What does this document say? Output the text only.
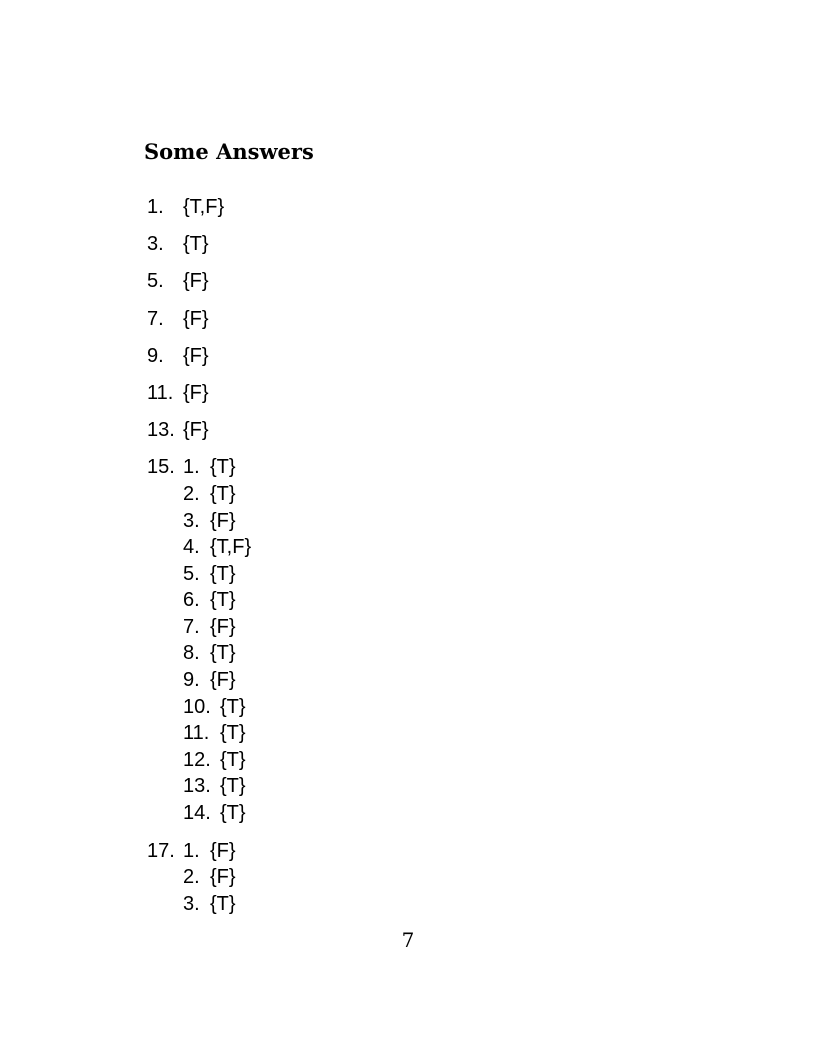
Some Answers
1. {T,F}
3. {T}
5. {F}
7. {F}
9. {F}
11. {F}
13. {F}
15. 1. {T}
2. {T}
3. {F}
4. {T,F}
5. {T}
6. {T}
7. {F}
8. {T}
9. {F}
10. {T}
11. {T}
12. {T}
13. {T}
14. {T}
17. 1. {F}
2. {F}
3. {T}
7
